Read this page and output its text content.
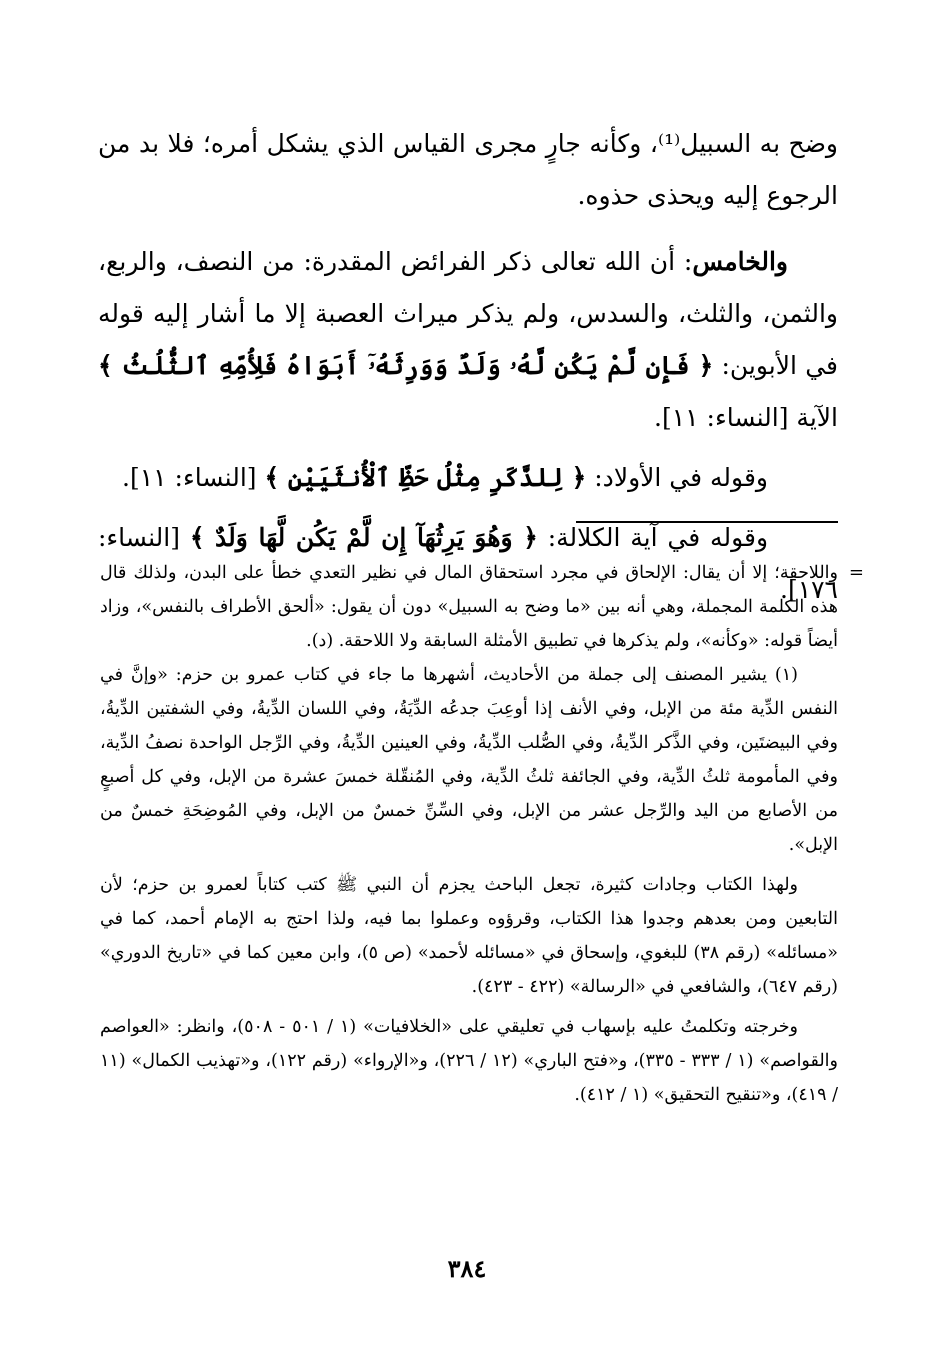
وضح به السبيل⁽¹⁾، وكأنه جارٍ مجرى القياس الذي يشكل أمره؛ فلا بد من الرجوع إليه ويحذى حذوه.

والخامس: أن الله تعالى ذكر الفرائض المقدرة: من النصف، والربع، والثمن، والثلث، والسدس، ولم يذكر ميراث العصبة إلا ما أشار إليه قوله في الأبوين: ﴿ فَإِن لَّمْ يَكُن لَّهُۥ وَلَدٌ وَوَرِثَهُۥٓ أَبَوَاهُ فَلِأُمِّهِ ٱلثُّلُثُ ﴾ الآية [النساء: ١١].

وقوله في الأولاد: ﴿ لِلذَّكَرِ مِثْلُ حَظِّ ٱلْأُنثَيَيْنِ ﴾ [النساء: ١١].

وقوله في آية الكلالة: ﴿ وَهُوَ يَرِثُهَآ إِن لَّمْ يَكُن لَّهَا وَلَدٌ ﴾ [النساء: ١٧٦].

=

واللاحقة؛ إلا أن يقال: الإلحاق في مجرد استحقاق المال في نظير التعدي خطأ على البدن، ولذلك قال هذه الكلمة المجملة، وهي أنه بين «ما وضح به السبيل» دون أن يقول: «ألحق الأطراف بالنفس»، وزاد أيضاً قوله: «وكأنه»، ولم يذكرها في تطبيق الأمثلة السابقة ولا اللاحقة. (د).

(١) يشير المصنف إلى جملة من الأحاديث، أشهرها ما جاء في كتاب عمرو بن حزم: «وإنَّ في النفس الدِّية مئة من الإبل، وفي الأنف إذا أوعِبَ جدعُه الدِّيَةُ، وفي اللسان الدِّيةُ، وفي الشفتين الدِّيةُ، وفي البيضتَين، وفي الذَّكر الدِّيةُ، وفي الصُّلب الدِّيةُ، وفي العينين الدِّيةُ، وفي الرِّجل الواحدة نصفُ الدِّية، وفي المأمومة ثلثُ الدِّية، وفي الجائفة ثلثُ الدِّية، وفي المُنقّلة خمسَ عشرة من الإبل، وفي كل أصبعٍ من الأصابع من اليد والرِّجل عشر من الإبل، وفي السِّنِّ خمسٌ من الإبل، وفي المُوضِحَةِ خمسٌ من الإبل».

ولهذا الكتاب وجادات كثيرة، تجعل الباحث يجزم أن النبي ﷺ كتب كتاباً لعمرو بن حزم؛ لأن التابعين ومن بعدهم وجدوا هذا الكتاب، وقرؤوه وعملوا بما فيه، ولذا احتج به الإمام أحمد، كما في «مسائله» (رقم ٣٨) للبغوي، وإسحاق في «مسائله لأحمد» (ص ٥)، وابن معين كما في «تاريخ الدوري» (رقم ٦٤٧)، والشافعي في «الرسالة» (٤٢٢ - ٤٢٣).

وخرجته وتكلمتُ عليه بإسهاب في تعليقي على «الخلافيات» (١ / ٥٠١ - ٥٠٨)، وانظر: «العواصم والقواصم» (١ / ٣٣٣ - ٣٣٥)، و«فتح الباري» (١٢ / ٢٢٦)، و«الإرواء» (رقم ١٢٢)، و«تهذيب الكمال» (١١ / ٤١٩)، و«تنقيح التحقيق» (١ / ٤١٢).

٣٨٤
